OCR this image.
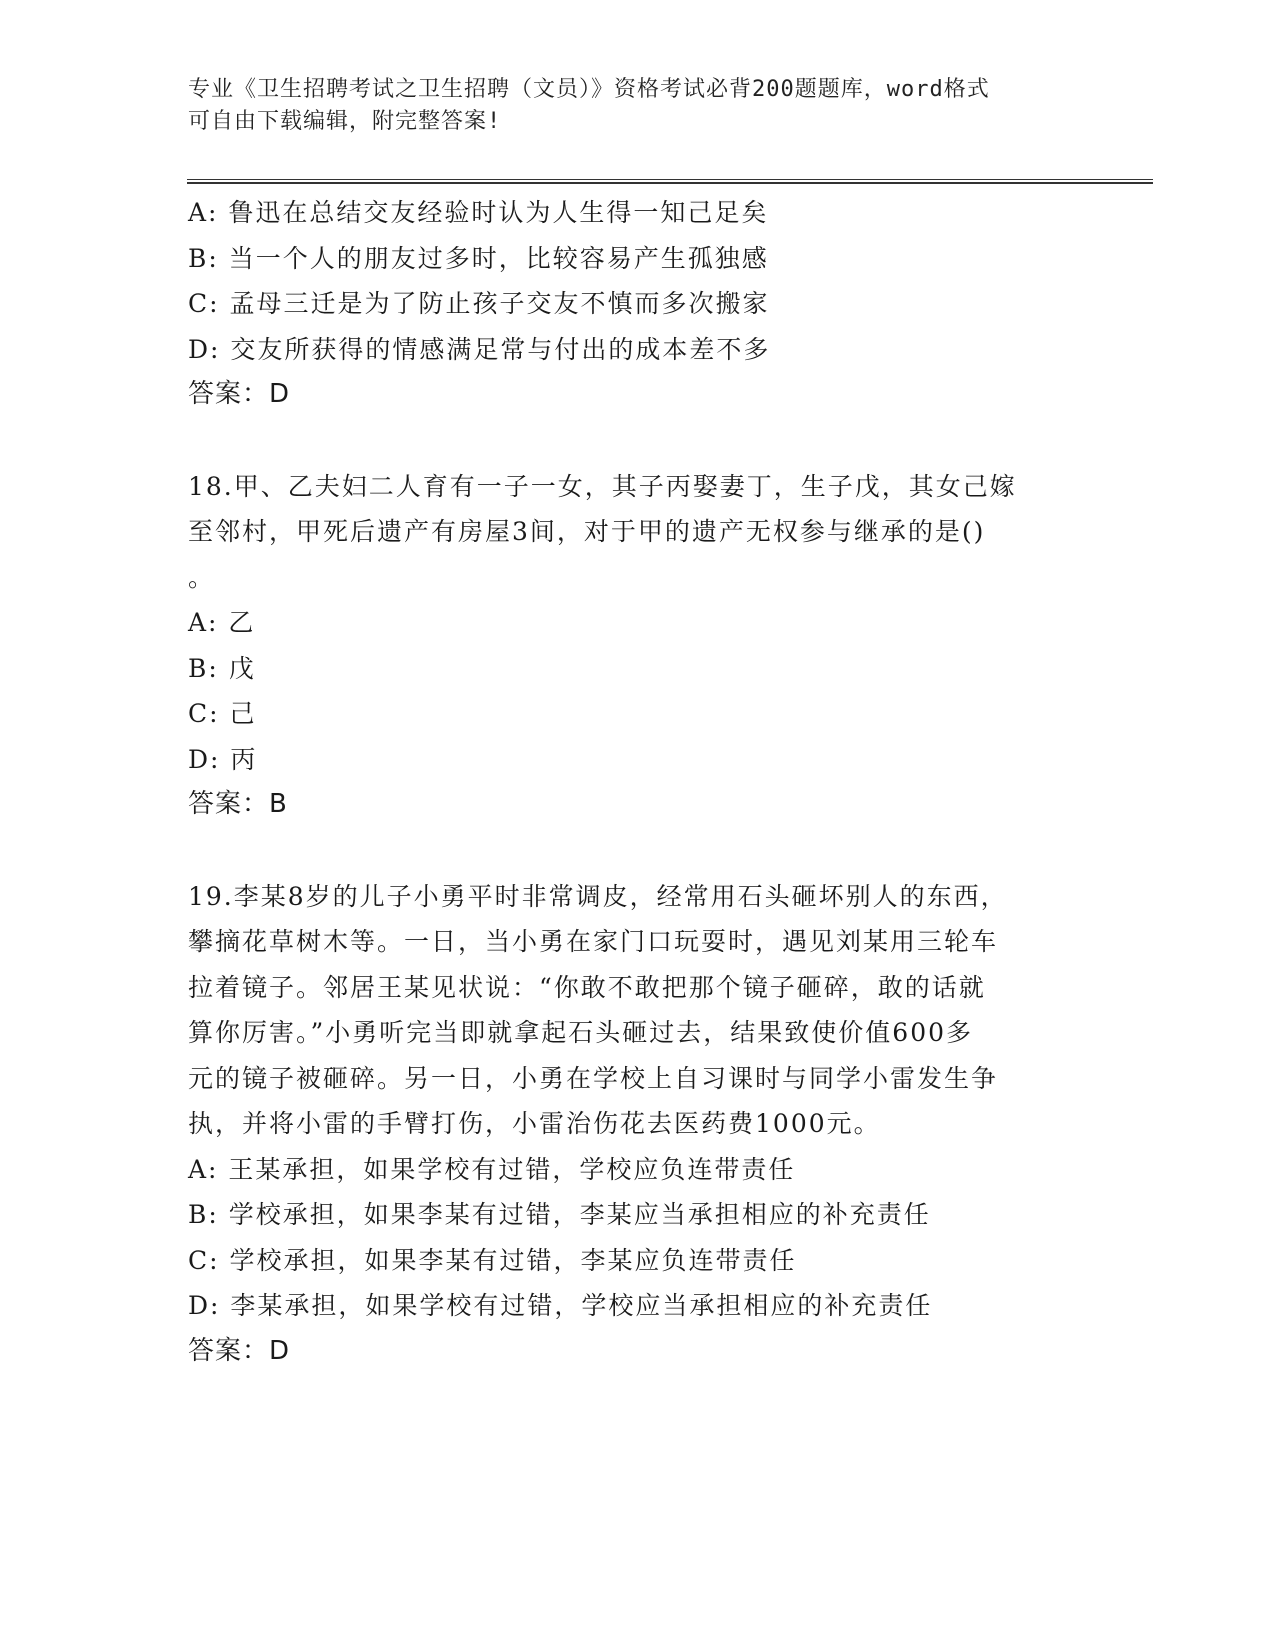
专业《卫生招聘考试之卫生招聘（文员）》资格考试必背200题题库，word格式
可自由下载编辑，附完整答案!
A: 鲁迅在总结交友经验时认为人生得一知己足矣
B: 当一个人的朋友过多时，比较容易产生孤独感
C: 孟母三迁是为了防止孩子交友不慎而多次搬家
D: 交友所获得的情感满足常与付出的成本差不多
答案：D
18.甲、乙夫妇二人育有一子一女，其子丙娶妻丁，生子戊，其女己嫁
至邻村，甲死后遗产有房屋3间，对于甲的遗产无权参与继承的是()
。
A: 乙
B: 戊
C: 己
D: 丙
答案：B
19.李某8岁的儿子小勇平时非常调皮，经常用石头砸坏别人的东西，
攀摘花草树木等。一日，当小勇在家门口玩耍时，遇见刘某用三轮车
拉着镜子。邻居王某见状说：“你敢不敢把那个镜子砸碎，敢的话就
算你厉害。”小勇听完当即就拿起石头砸过去，结果致使价值600多
元的镜子被砸碎。另一日，小勇在学校上自习课时与同学小雷发生争
执，并将小雷的手臂打伤，小雷治伤花去医药费1000元。
A: 王某承担，如果学校有过错，学校应负连带责任
B: 学校承担，如果李某有过错，李某应当承担相应的补充责任
C: 学校承担，如果李某有过错，李某应负连带责任
D: 李某承担，如果学校有过错，学校应当承担相应的补充责任
答案：D
